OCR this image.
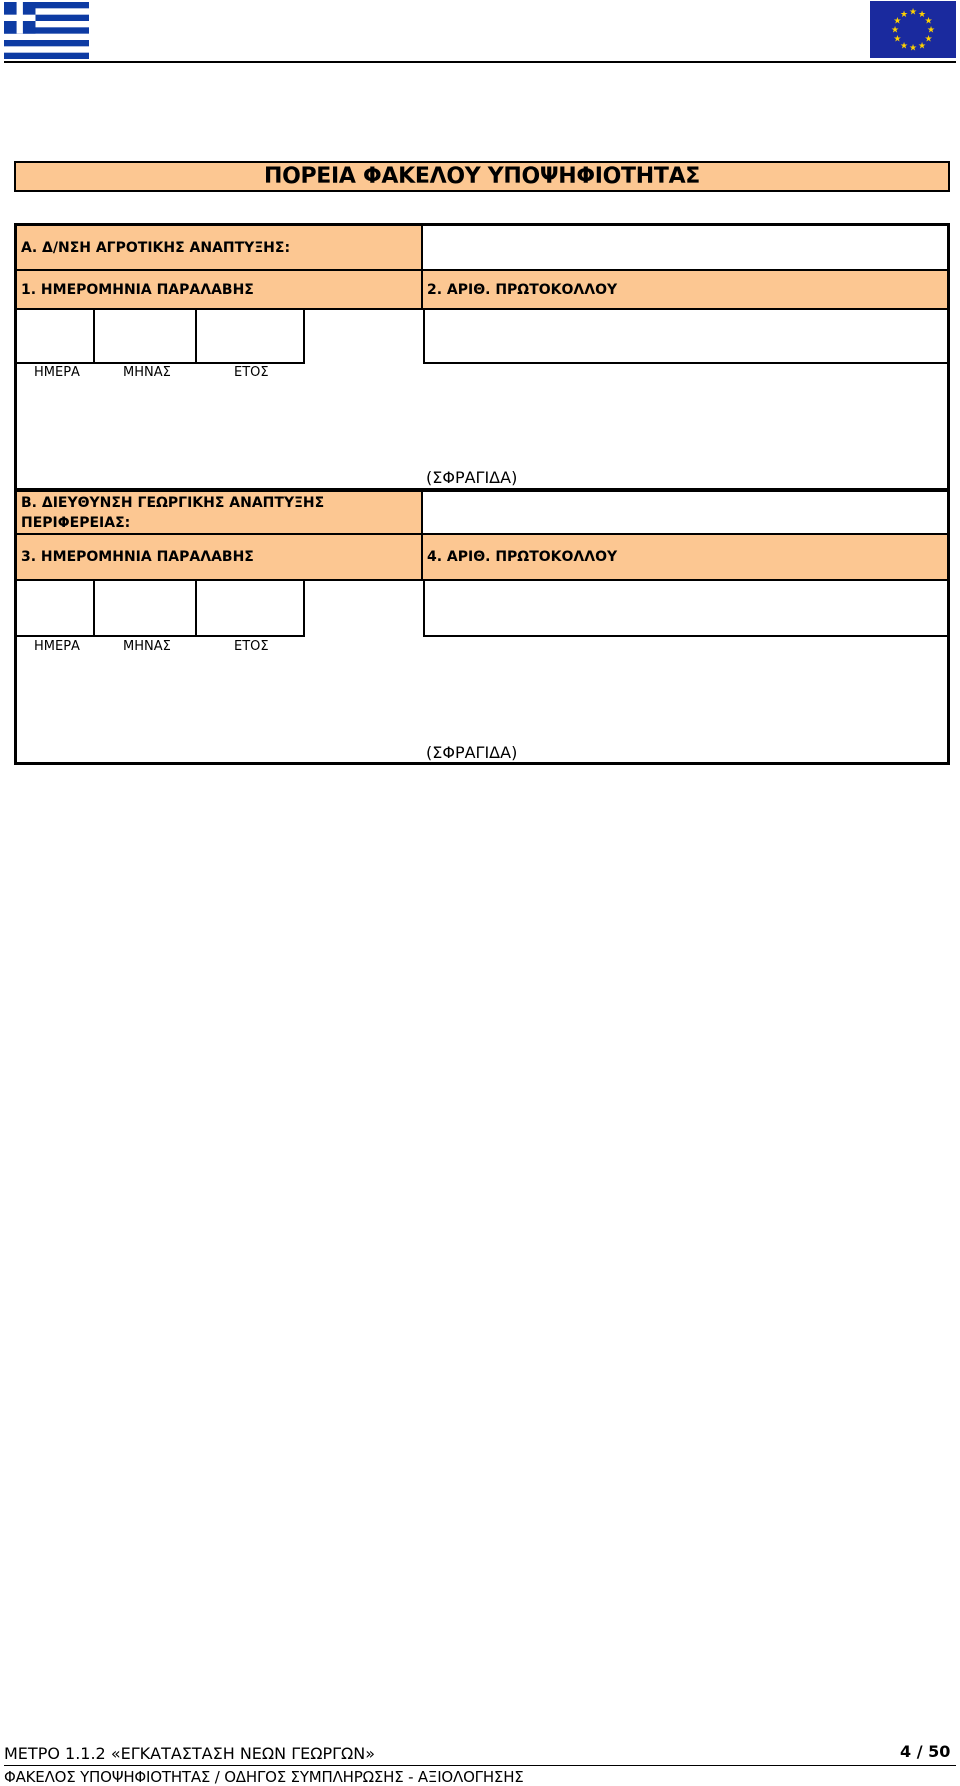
★ ★
★
★
★
★
★
★
★
★
★
★
ΠΟΡΕΙΑ ΦΑΚΕΛΟΥ ΥΠΟΨΗΦΙΟΤΗΤΑΣ
Α. Δ/ΝΣΗ ΑΓΡΟΤΙΚΗΣ ΑΝΑΠΤΥΞΗΣ:
1. ΗΜΕΡΟΜΗΝΙΑ ΠΑΡΑΛΑΒΗΣ	2. ΑΡΙΘ. ΠΡΩΤΟΚΟΛΛΟΥ
ΗΜΕΡΑ	ΜΗΝΑΣ	ΕΤΟΣ
(ΣΦΡΑΓΙΔΑ)
Β. ΔΙΕΥΘΥΝΣΗ ΓΕΩΡΓΙΚΗΣ ΑΝΑΠΤΥΞΗΣ ΠΕΡΙΦΕΡΕΙΑΣ:
3. ΗΜΕΡΟΜΗΝΙΑ ΠΑΡΑΛΑΒΗΣ	4. ΑΡΙΘ. ΠΡΩΤΟΚΟΛΛΟΥ
ΗΜΕΡΑ	ΜΗΝΑΣ	ΕΤΟΣ
(ΣΦΡΑΓΙΔΑ)
ΜΕΤΡΟ 1.1.2 «ΕΓΚΑΤΑΣΤΑΣΗ ΝΕΩΝ ΓΕΩΡΓΩΝ»	4 / 50
ΦΑΚΕΛΟΣ ΥΠΟΨΗΦΙΟΤΗΤΑΣ / ΟΔΗΓΟΣ ΣΥΜΠΛΗΡΩΣΗΣ - ΑΞΙΟΛΟΓΗΣΗΣ
